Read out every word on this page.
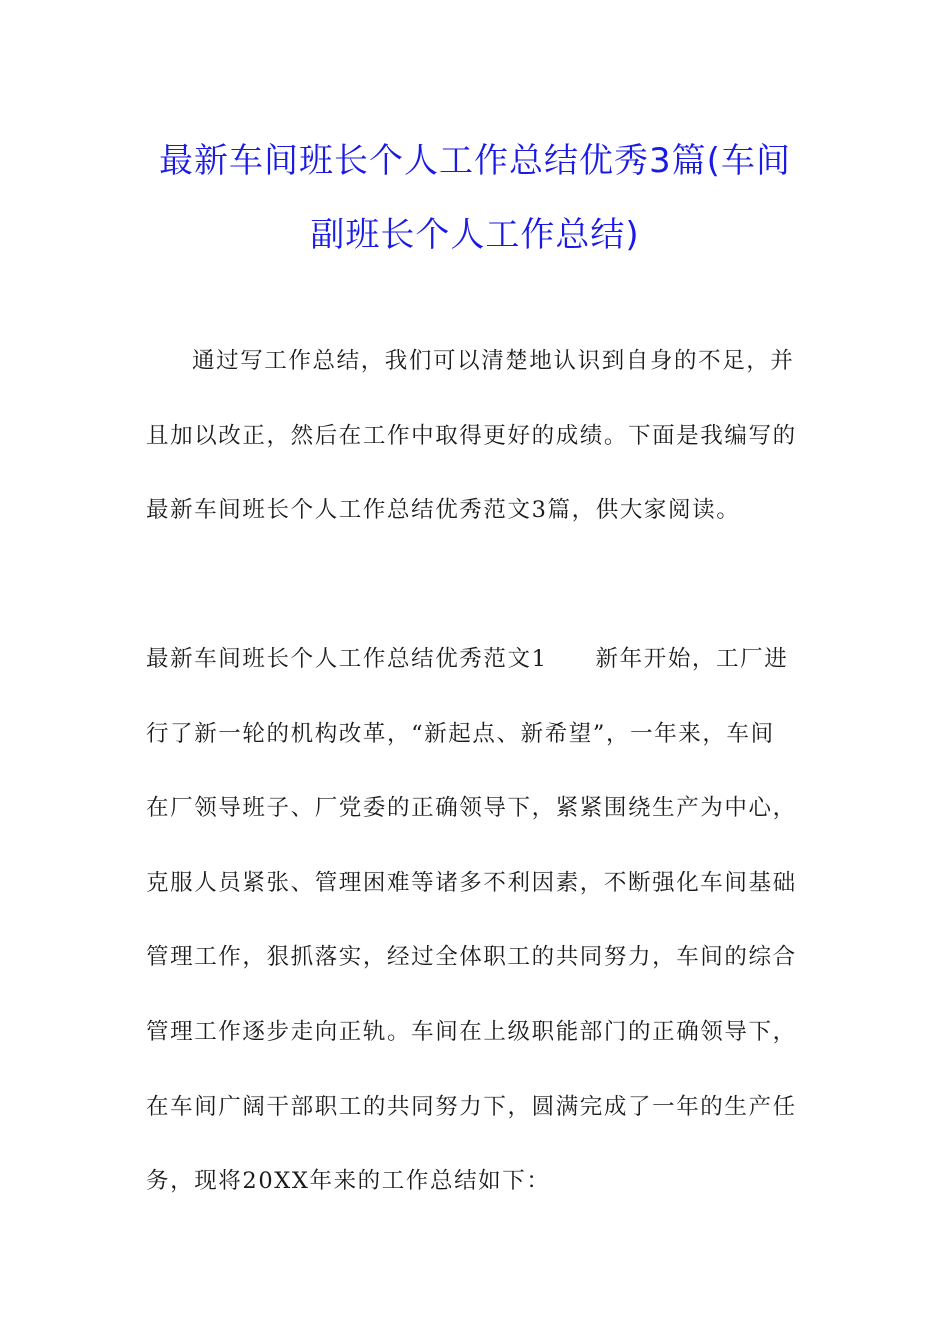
最新车间班长个人工作总结优秀3篇(车间
副班长个人工作总结)
通过写工作总结，我们可以清楚地认识到自身的不足，并
且加以改正，然后在工作中取得更好的成绩。下面是我编写的
最新车间班长个人工作总结优秀范文3篇，供大家阅读。
最新车间班长个人工作总结优秀范文1 新年开始，工厂进
行了新一轮的机构改革，“新起点、新希望”，一年来，车间
在厂领导班子、厂党委的正确领导下，紧紧围绕生产为中心，
克服人员紧张、管理困难等诸多不利因素，不断强化车间基础
管理工作，狠抓落实，经过全体职工的共同努力，车间的综合
管理工作逐步走向正轨。车间在上级职能部门的正确领导下，
在车间广阔干部职工的共同努力下，圆满完成了一年的生产任
务，现将20XX年来的工作总结如下：
